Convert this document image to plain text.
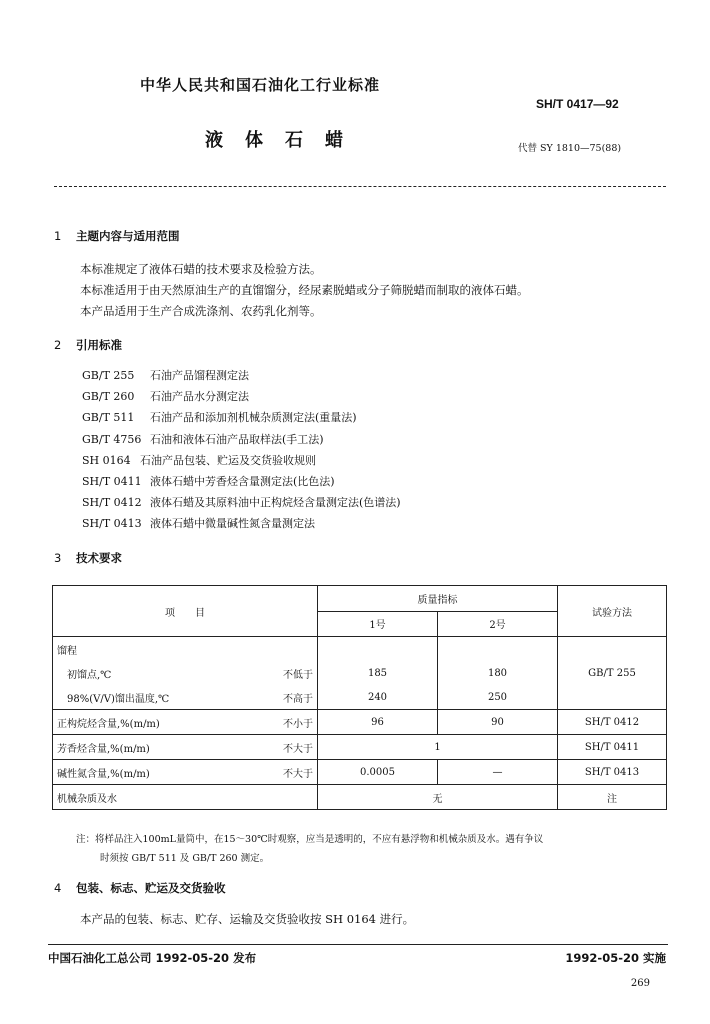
中华人民共和国石油化工行业标准
SH/T 0417—92
液体石蜡	代替 SY 1810—75(88)
1 主题内容与适用范围
本标准规定了液体石蜡的技术要求及检验方法。
本标准适用于由天然原油生产的直馏馏分，经尿素脱蜡或分子筛脱蜡而制取的液体石蜡。
本产品适用于生产合成洗涤剂、农药乳化剂等。
2 引用标准
GB/T 255 石油产品馏程测定法
GB/T 260 石油产品水分测定法
GB/T 511 石油产品和添加剂机械杂质测定法(重量法)
GB/T 4756 石油和液体石油产品取样法(手工法)
SH 0164 石油产品包装、贮运及交货验收规则
SH/T 0411 液体石蜡中芳香烃含量测定法(比色法)
SH/T 0412 液体石蜡及其原料油中正构烷烃含量测定法(色谱法)
SH/T 0413 液体石蜡中微量碱性氮含量测定法
3 技术要求
项　　目		质量指标		试验方法
		1号	2号	
馏程				GB/T 255
初馏点,℃	不低于	185	180	
98%(V/V)馏出温度,℃	不高于	240	250	
正构烷烃含量,%(m/m)	不小于	96	90	SH/T 0412
芳香烃含量,%(m/m)	不大于	1		SH/T 0411
碱性氮含量,%(m/m)	不大于	0.0005	—	SH/T 0413
机械杂质及水		无		注
注：将样品注入100mL量筒中，在15～30℃时观察，应当是透明的，不应有悬浮物和机械杂质及水。遇有争议
时须按 GB/T 511 及 GB/T 260 测定。
4 包装、标志、贮运及交货验收
本产品的包装、标志、贮存、运输及交货验收按 SH 0164 进行。
中国石油化工总公司 1992-05-20 发布	1992-05-20 实施
269
